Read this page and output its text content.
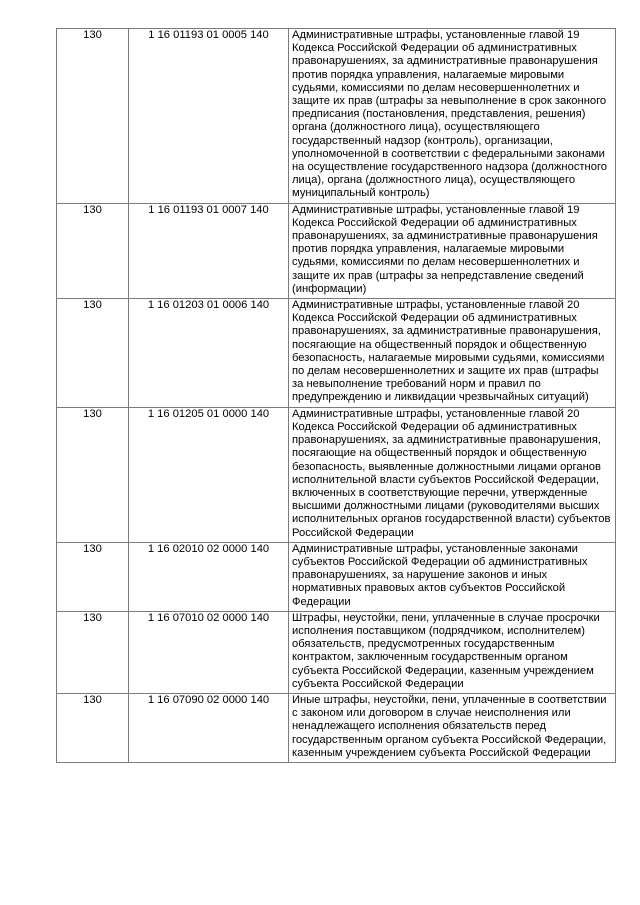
130	1 16 01193 01 0005 140	Административные штрафы, установленные главой 19 Кодекса Российской Федерации об административных правонарушениях, за административные правонарушения против порядка управления, налагаемые мировыми судьями, комиссиями по делам несовершеннолетних и защите их прав (штрафы за невыполнение в срок законного предписания (постановления, представления, решения) органа (должностного лица), осуществляющего государственный надзор (контроль), организации, уполномоченной в соответствии с федеральными законами на осуществление государственного надзора (должностного лица), органа (должностного лица), осуществляющего муниципальный контроль)
130	1 16 01193 01 0007 140	Административные штрафы, установленные главой 19 Кодекса Российской Федерации об административных правонарушениях, за административные правонарушения против порядка управления, налагаемые мировыми судьями, комиссиями по делам несовершеннолетних и защите их прав (штрафы за непредставление сведений (информации)
130	1 16 01203 01 0006 140	Административные штрафы, установленные главой 20 Кодекса Российской Федерации об административных правонарушениях, за административные правонарушения, посягающие на общественный порядок и общественную безопасность, налагаемые мировыми судьями, комиссиями по делам несовершеннолетних и защите их прав (штрафы за невыполнение требований норм и правил по предупреждению и ликвидации чрезвычайных ситуаций)
130	1 16 01205 01 0000 140	Административные штрафы, установленные главой 20 Кодекса Российской Федерации об административных правонарушениях, за административные правонарушения, посягающие на общественный порядок и общественную безопасность, выявленные должностными лицами органов исполнительной власти субъектов Российской Федерации, включенных в соответствующие перечни, утвержденные высшими должностными лицами (руководителями высших исполнительных органов государственной власти) субъектов Российской Федерации
130	1 16 02010 02 0000 140	Административные штрафы, установленные законами субъектов Российской Федерации об административных правонарушениях, за нарушение законов и иных нормативных правовых актов субъектов Российской Федерации
130	1 16 07010 02 0000 140	Штрафы, неустойки, пени, уплаченные в случае просрочки исполнения поставщиком (подрядчиком, исполнителем) обязательств, предусмотренных государственным контрактом, заключенным государственным органом субъекта Российской Федерации, казенным учреждением субъекта Российской Федерации
130	1 16 07090 02 0000 140	Иные штрафы, неустойки, пени, уплаченные в соответствии с законом или договором в случае неисполнения или ненадлежащего исполнения обязательств перед государственным органом субъекта Российской Федерации, казенным учреждением субъекта Российской Федерации
